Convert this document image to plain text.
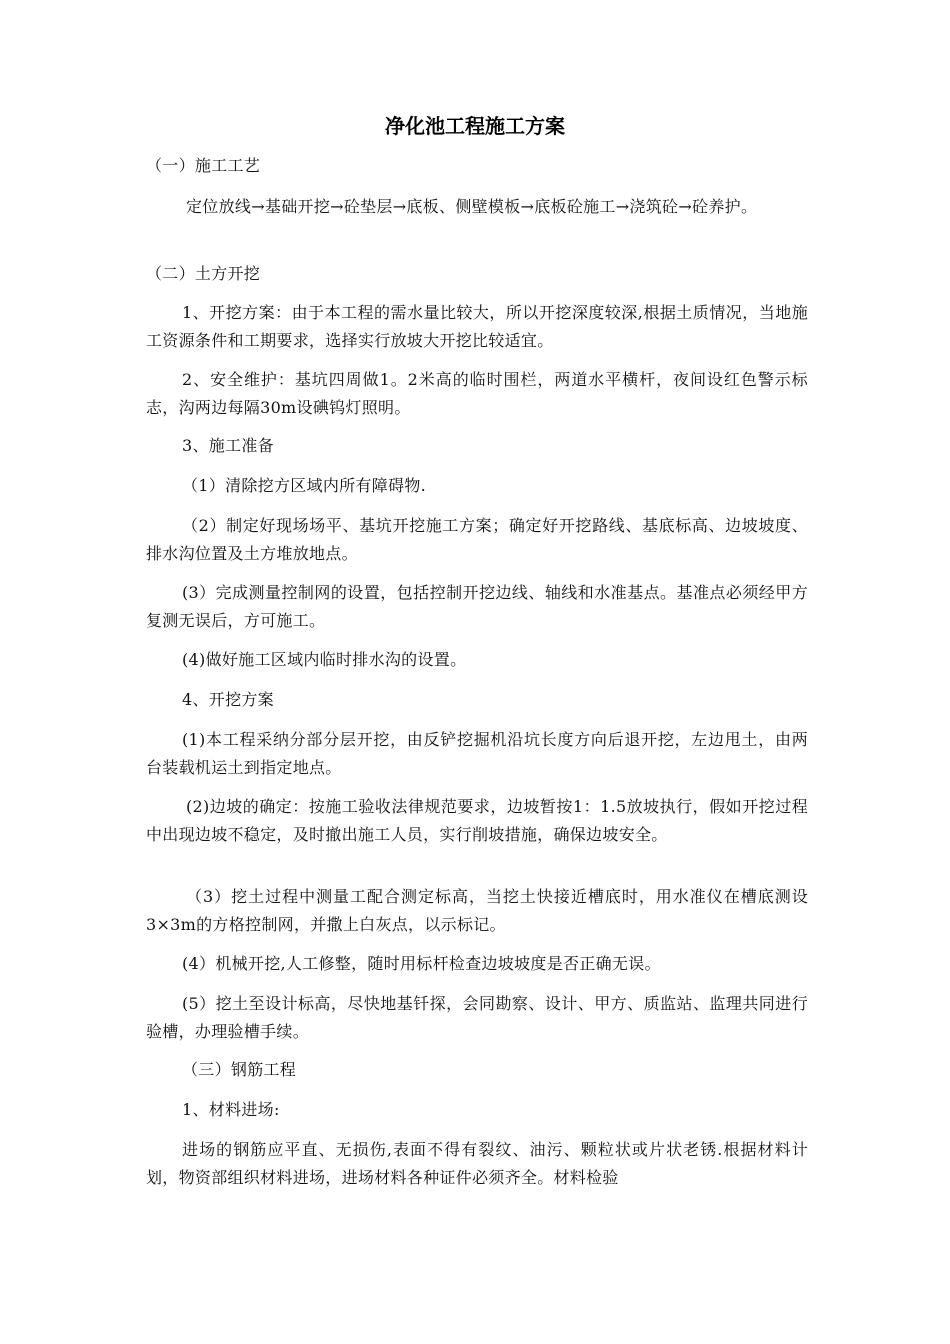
净化池工程施工方案

（一）施工工艺

定位放线→基础开挖→砼垫层→底板、侧壁模板→底板砼施工→浇筑砼→砼养护。

（二）土方开挖

1、开挖方案：由于本工程的需水量比较大，所以开挖深度较深,根据土质情况，当地施工资源条件和工期要求，选择实行放坡大开挖比较适宜。

2、安全维护：基坑四周做1。2米高的临时围栏，两道水平横杆，夜间设红色警示标志，沟两边每隔30m设碘钨灯照明。

3、施工准备

（1）清除挖方区域内所有障碍物.

（2）制定好现场场平、基坑开挖施工方案；确定好开挖路线、基底标高、边坡坡度、排水沟位置及土方堆放地点。

(3）完成测量控制网的设置，包括控制开挖边线、轴线和水准基点。基准点必须经甲方复测无误后，方可施工。

(4)做好施工区域内临时排水沟的设置。

4、开挖方案

(1)本工程采纳分部分层开挖，由反铲挖掘机沿坑长度方向后退开挖，左边甩土，由两台装载机运土到指定地点。

(2)边坡的确定：按施工验收法律规范要求，边坡暂按1：1.5放坡执行，假如开挖过程中出现边坡不稳定，及时撤出施工人员，实行削坡措施，确保边坡安全。

（3）挖土过程中测量工配合测定标高，当挖土快接近槽底时，用水准仪在槽底测设3×3m的方格控制网，并撒上白灰点，以示标记。

(4）机械开挖,人工修整，随时用标杆检查边坡坡度是否正确无误。

(5）挖土至设计标高，尽快地基钎探，会同勘察、设计、甲方、质监站、监理共同进行验槽，办理验槽手续。

（三）钢筋工程

1、材料进场:

进场的钢筋应平直、无损伤,表面不得有裂纹、油污、颗粒状或片状老锈.根据材料计划，物资部组织材料进场，进场材料各种证件必须齐全。材料检验
